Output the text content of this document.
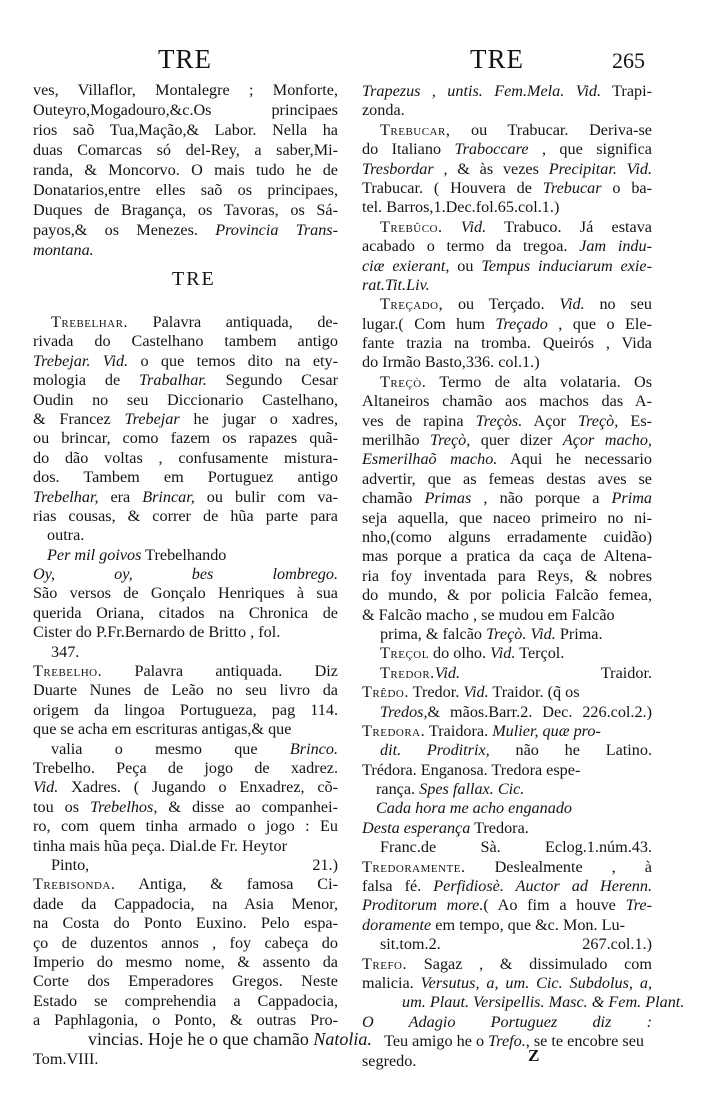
TRE	TRE	265
ves, Villaflor, Montalegre ; Monforte,
Outeyro,Mogadouro,&c.Os principaes
rios saõ Tua,Mação,& Labor. Nella ha
duas Comarcas só del-Rey, a saber,Mi-
randa, & Moncorvo. O mais tudo he de
Donatarios,entre elles saõ os principaes,
Duques de Bragança, os Tavoras, os Sá-
payos,& os Menezes. Provincia Trans-
montana.
TRE
Trebelhar. Palavra antiquada, de-
rivada do Castelhano tambem antigo
Trebejar. Vid. o que temos dito na ety-
mologia de Trabalhar. Segundo Cesar
Oudin no seu Diccionario Castelhano,
& Francez Trebejar he jugar o xadres,
ou brincar, como fazem os rapazes quã-
do dão voltas , confusamente mistura-
dos. Tambem em Portuguez antigo
Trebelhar, era Brincar, ou bulir com va-
rias cousas, & correr de hũa parte para
outra.
Per mil goivos Trebelhando
Oy, oy, bes lombrego.
São versos de Gonçalo Henriques à sua
querida Oriana, citados na Chronica de
Cister do P.Fr.Bernardo de Britto , fol.
347.
Trebelho. Palavra antiquada. Diz
Duarte Nunes de Leão no seu livro da
origem da lingoa Portugueza, pag 114.
que se acha em escrituras antigas,& que
valia o mesmo que Brinco.
Trebelho. Peça de jogo de xadrez.
Vid. Xadres. ( Jugando o Enxadrez, cõ-
tou os Trebelhos, & disse ao companhei-
ro, com quem tinha armado o jogo : Eu
tinha mais hũa peça. Dial.de Fr. Heytor
Pinto, 21.)
Trebisonda. Antiga, & famosa Ci-
dade da Cappadocia, na Asia Menor,
na Costa do Ponto Euxino. Pelo espa-
ço de duzentos annos , foy cabeça do
Imperio do mesmo nome, & assento da
Corte dos Emperadores Gregos. Neste
Estado se comprehendia a Cappadocia,
a Paphlagonia, o Ponto, & outras Pro-
vincias. Hoje he o que chamão Natolia.
Tom.VIII.
Trapezus , untis. Fem.Mela. Vid. Trapi-
zonda.
Trebucar, ou Trabucar. Deriva-se
do Italiano Traboccare , que significa
Tresbordar , & às vezes Precipitar. Vid.
Trabucar. ( Houvera de Trebucar o ba-
tel. Barros,1.Dec.fol.65.col.1.)
Trebûco. Vid. Trabuco. Já estava
acabado o termo da tregoa. Jam indu-
ciæ exierant, ou Tempus induciarum exie-
rat.Tit.Liv.
Treçado, ou Terçado. Vid. no seu
lugar.( Com hum Treçado , que o Ele-
fante trazia na tromba. Queirós , Vida
do Irmão Basto,336. col.1.)
Treçò. Termo de alta volataria. Os
Altaneiros chamão aos machos das A-
ves de rapina Treçòs. Açor Treçò, Es-
merilhão Treçò, quer dizer Açor macho,
Esmerilhaõ macho. Aqui he necessario
advertir, que as femeas destas aves se
chamão Primas , não porque a Prima
seja aquella, que naceo primeiro no ni-
nho,(como alguns erradamente cuidão)
mas porque a pratica da caça de Altena-
ria foy inventada para Reys, & nobres
do mundo, & por policia Falcão femea,
& Falcão macho , se mudou em Falcão
prima, & falcão Treçò. Vid. Prima.
Treçol do olho. Vid. Terçol.
Tredor.Vid. Traidor.
Trêdo. Tredor. Vid. Traidor. (q̃ os
Tredos,& mãos.Barr.2. Dec. 226.col.2.)
Tredora. Traidora. Mulier, quæ pro-
dit. Proditrix, não he Latino.
Trédora. Enganosa. Tredora espe-
rança. Spes fallax. Cic.
Cada hora me acho enganado
Desta esperança Tredora.
Franc.de Sà. Eclog.1.núm.43.
Tredoramente. Deslealmente , à
falsa fé. Perfidiosè. Auctor ad Herenn.
Proditorum more.( Ao fim a houve Tre-
doramente em tempo, que &c. Mon. Lu-
sit.tom.2. 267.col.1.)
Trefo. Sagaz , & dissimulado com
malicia. Versutus, a, um. Cic. Subdolus, a,
um. Plaut. Versipellis. Masc. & Fem. Plant.
O Adagio Portuguez diz :
Teu amigo he o Trefo., se te encobre seu
segredo.	Z
